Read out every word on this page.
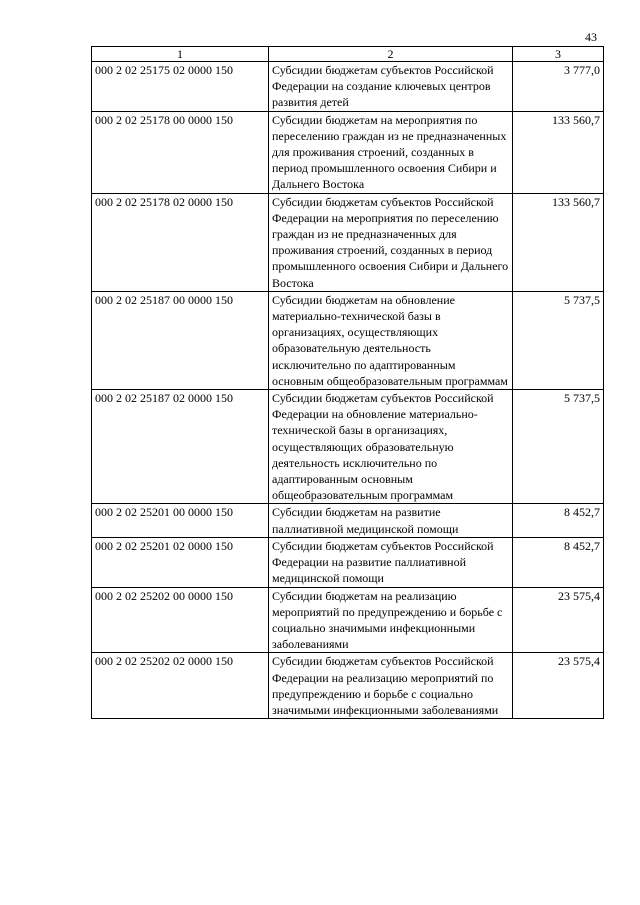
43
1	2	3
000 2 02 25175 02 0000 150	Субсидии бюджетам субъектов Российской Федерации на создание ключевых центров развития детей	3 777,0
000 2 02 25178 00 0000 150	Субсидии бюджетам на мероприятия по переселению граждан из не предназначенных для проживания строений, созданных в период промышленного освоения Сибири и Дальнего Востока	133 560,7
000 2 02 25178 02 0000 150	Субсидии бюджетам субъектов Российской Федерации на мероприятия по переселению граждан из не предназначенных для проживания строений, созданных в период промышленного освоения Сибири и Дальнего Востока	133 560,7
000 2 02 25187 00 0000 150	Субсидии бюджетам на обновление материально-технической базы в организациях, осуществляющих образовательную деятельность исключительно по адаптированным основным общеобразовательным программам	5 737,5
000 2 02 25187 02 0000 150	Субсидии бюджетам субъектов Российской Федерации на обновление материально-технической базы в организациях, осуществляющих образовательную деятельность исключительно по адаптированным основным общеобразовательным программам	5 737,5
000 2 02 25201 00 0000 150	Субсидии бюджетам на развитие паллиативной медицинской помощи	8 452,7
000 2 02 25201 02 0000 150	Субсидии бюджетам субъектов Российской Федерации на развитие паллиативной медицинской помощи	8 452,7
000 2 02 25202 00 0000 150	Субсидии бюджетам на реализацию мероприятий по предупреждению и борьбе с социально значимыми инфекционными заболеваниями	23 575,4
000 2 02 25202 02 0000 150	Субсидии бюджетам субъектов Российской Федерации на реализацию мероприятий по предупреждению и борьбе с социально значимыми инфекционными заболеваниями	23 575,4
